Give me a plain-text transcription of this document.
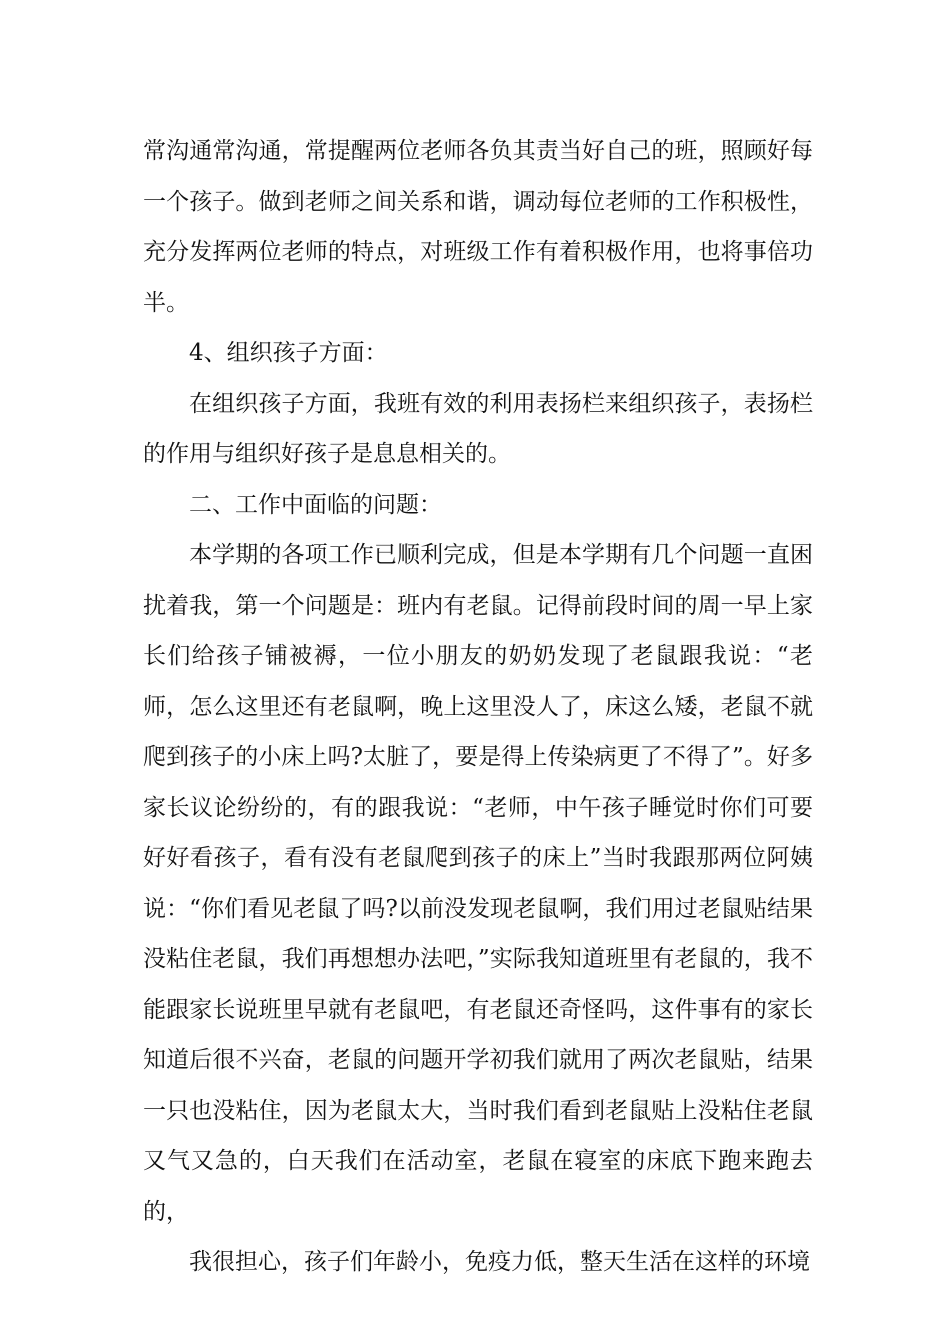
常沟通常沟通，常提醒两位老师各负其责当好自己的班，照顾好每一个孩子。做到老师之间关系和谐，调动每位老师的工作积极性，充分发挥两位老师的特点，对班级工作有着积极作用，也将事倍功半。

4、组织孩子方面：

在组织孩子方面，我班有效的利用表扬栏来组织孩子，表扬栏的作用与组织好孩子是息息相关的。

二、工作中面临的问题：

本学期的各项工作已顺利完成，但是本学期有几个问题一直困扰着我，第一个问题是：班内有老鼠。记得前段时间的周一早上家长们给孩子铺被褥，一位小朋友的奶奶发现了老鼠跟我说：“老师，怎么这里还有老鼠啊，晚上这里没人了，床这么矮，老鼠不就爬到孩子的小床上吗?太脏了，要是得上传染病更了不得了”。好多家长议论纷纷的，有的跟我说：“老师，中午孩子睡觉时你们可要好好看孩子，看有没有老鼠爬到孩子的床上”当时我跟那两位阿姨说：“你们看见老鼠了吗?以前没发现老鼠啊，我们用过老鼠贴结果没粘住老鼠，我们再想想办法吧，”实际我知道班里有老鼠的，我不能跟家长说班里早就有老鼠吧，有老鼠还奇怪吗，这件事有的家长知道后很不兴奋，老鼠的问题开学初我们就用了两次老鼠贴，结果一只也没粘住，因为老鼠太大，当时我们看到老鼠贴上没粘住老鼠又气又急的，白天我们在活动室，老鼠在寝室的床底下跑来跑去的，

我很担心，孩子们年龄小，免疫力低，整天生活在这样的环境
